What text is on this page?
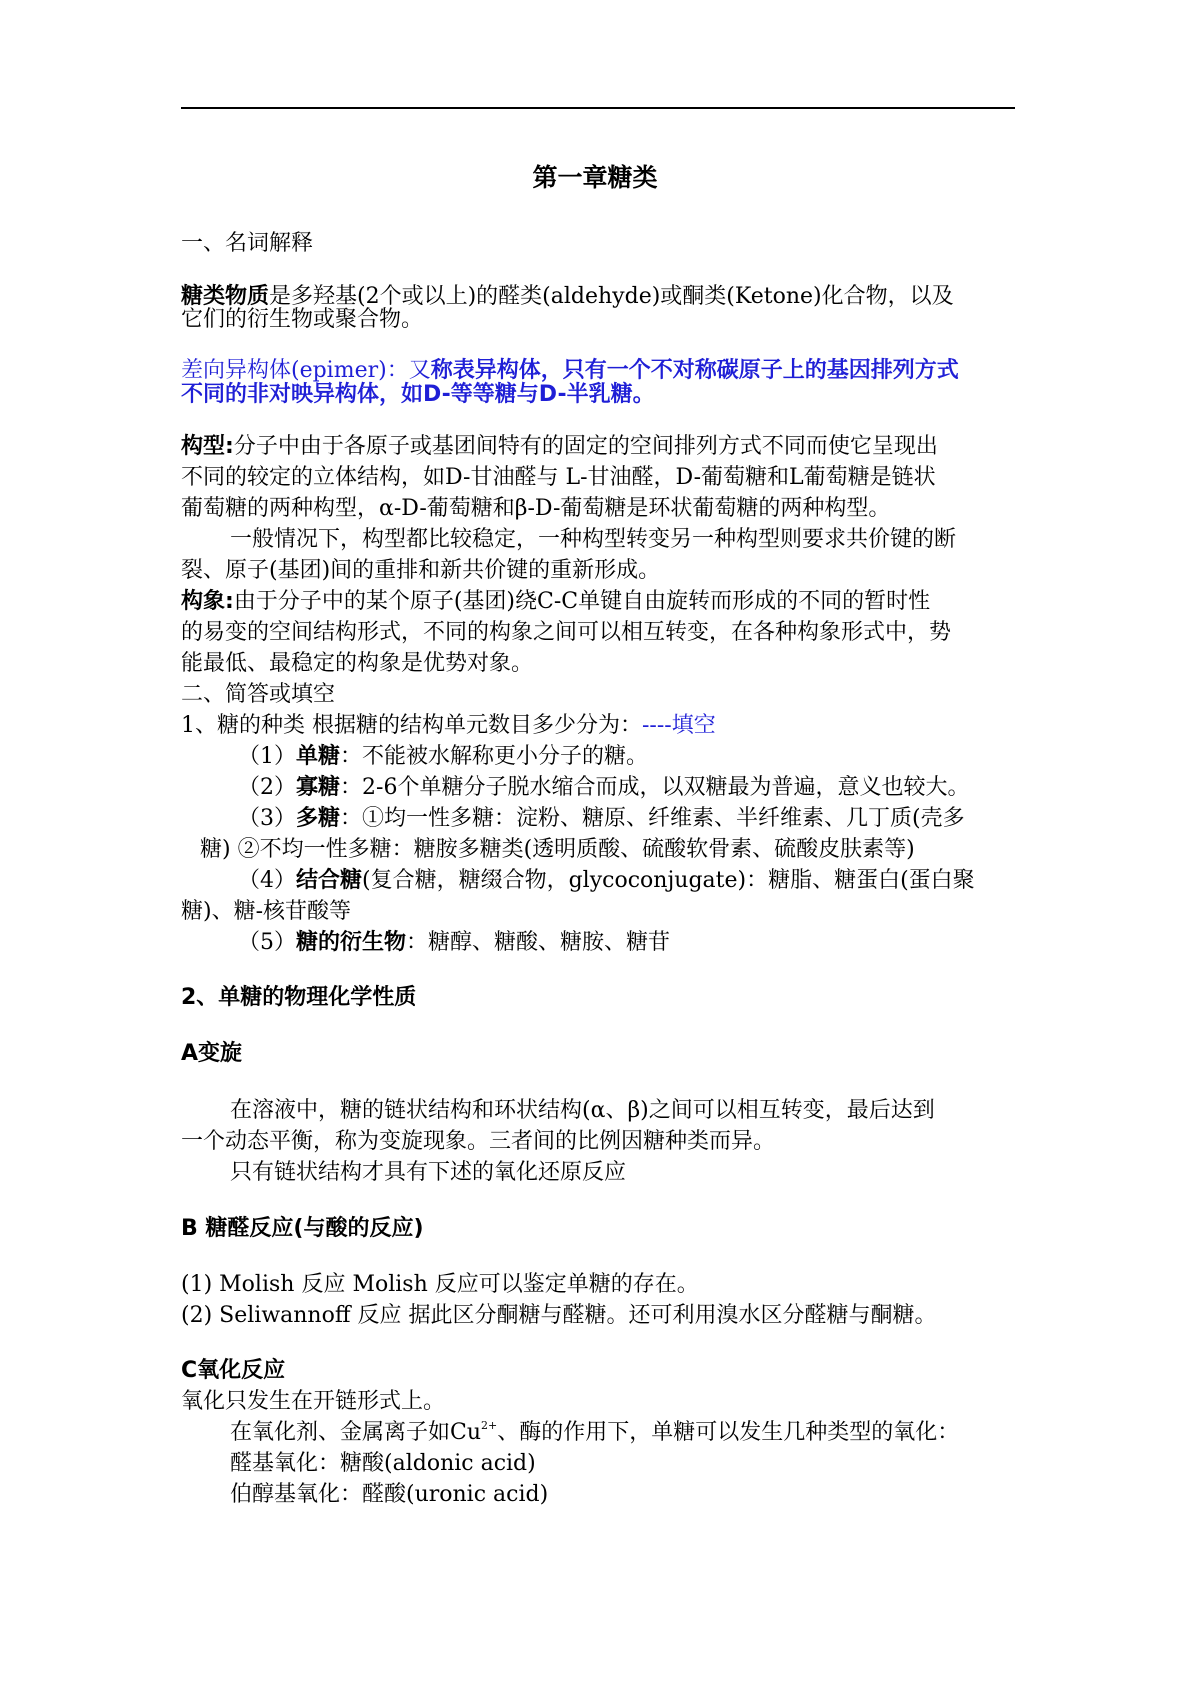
第一章糖类
一、名词解释
糖类物质是多羟基(2个或以上)的醛类(aldehyde)或酮类(Ketone)化合物，以及
它们的衍生物或聚合物。
差向异构体(epimer)：又称表异构体，只有一个不对称碳原子上的基因排列方式
不同的非对映异构体，如D-等等糖与D-半乳糖。
构型:分子中由于各原子或基团间特有的固定的空间排列方式不同而使它呈现出
不同的较定的立体结构，如D-甘油醛与 L-甘油醛，D-葡萄糖和L葡萄糖是链状
葡萄糖的两种构型，α-D-葡萄糖和β-D-葡萄糖是环状葡萄糖的两种构型。
一般情况下，构型都比较稳定，一种构型转变另一种构型则要求共价键的断
裂、原子(基团)间的重排和新共价键的重新形成。
构象:由于分子中的某个原子(基团)绕C-C单键自由旋转而形成的不同的暂时性
的易变的空间结构形式，不同的构象之间可以相互转变，在各种构象形式中，势
能最低、最稳定的构象是优势对象。
二、简答或填空
1、糖的种类 根据糖的结构单元数目多少分为：----填空
（1）单糖：不能被水解称更小分子的糖。
（2）寡糖：2-6个单糖分子脱水缩合而成，以双糖最为普遍，意义也较大。
（3）多糖：①均一性多糖：淀粉、糖原、纤维素、半纤维素、几丁质(壳多
糖) ②不均一性多糖：糖胺多糖类(透明质酸、硫酸软骨素、硫酸皮肤素等)
（4）结合糖(复合糖，糖缀合物，glycoconjugate)：糖脂、糖蛋白(蛋白聚
糖)、糖-核苷酸等
（5）糖的衍生物：糖醇、糖酸、糖胺、糖苷
2、单糖的物理化学性质
A变旋
在溶液中，糖的链状结构和环状结构(α、β)之间可以相互转变，最后达到
一个动态平衡，称为变旋现象。三者间的比例因糖种类而异。
只有链状结构才具有下述的氧化还原反应
B 糖醛反应(与酸的反应)
(1) Molish 反应 Molish 反应可以鉴定单糖的存在。
(2) Seliwannoff 反应 据此区分酮糖与醛糖。还可利用溴水区分醛糖与酮糖。
C氧化反应
氧化只发生在开链形式上。
在氧化剂、金属离子如$Cu^{2+}$、酶的作用下，单糖可以发生几种类型的氧化：
醛基氧化：糖酸(aldonic acid)
伯醇基氧化：醛酸(uronic acid)
